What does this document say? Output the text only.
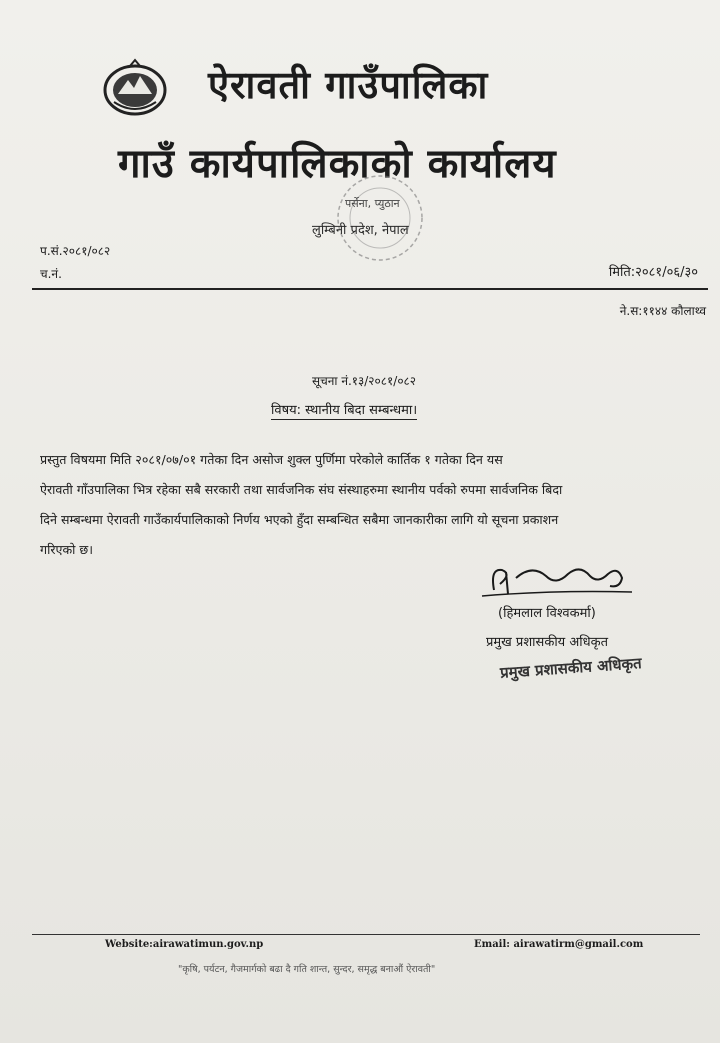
ऐरावती गाउँपालिका
गाउँ कार्यपालिकाको कार्यालय
पर्सेना, प्युठान
लुम्बिनी प्रदेश, नेपाल
प.सं.२०८१/०८२
च.नं.	मिति:२०८१/०६/३०
ने.स:११४४ कौलाथ्व
सूचना नं.१३/२०८१/०८२
विषय: स्थानीय बिदा सम्बन्धमा।
प्रस्तुत विषयमा मिति २०८१/०७/०१ गतेका दिन असोज शुक्ल पुर्णिमा परेकोले कार्तिक १ गतेका दिन यस
ऐरावती गाँउपालिका भित्र रहेका सबै सरकारी तथा सार्वजनिक संघ संस्थाहरुमा स्थानीय पर्वको रुपमा सार्वजनिक बिदा
दिने सम्बन्धमा ऐरावती गाउँकार्यपालिकाको निर्णय भएको हुँदा सम्बन्धित सबैमा जानकारीका लागि यो सूचना प्रकाशन
गरिएको छ।
(हिमलाल विश्वकर्मा)
प्रमुख प्रशासकीय अधिकृत
प्रमुख प्रशासकीय अधिकृत
Website:airawatimun.gov.np	Email: airawatirm@gmail.com
"कृषि, पर्यटन, गैजमार्गको बढा दै गति शान्त, सुन्दर, समृद्ध बनाऔं ऐरावती"
